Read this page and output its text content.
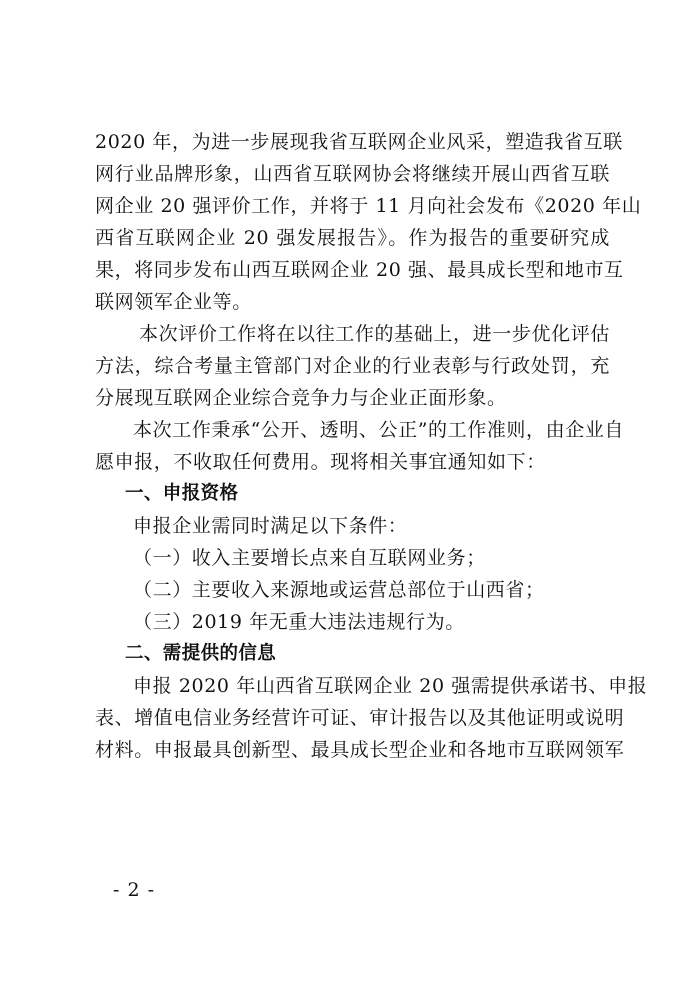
2020 年，为进一步展现我省互联网企业风采，塑造我省互联
网行业品牌形象，山西省互联网协会将继续开展山西省互联
网企业 20 强评价工作，并将于 11 月向社会发布《2020 年山
西省互联网企业 20 强发展报告》。作为报告的重要研究成
果，将同步发布山西互联网企业 20 强、最具成长型和地市互
联网领军企业等。
本次评价工作将在以往工作的基础上，进一步优化评估
方法，综合考量主管部门对企业的行业表彰与行政处罚，充
分展现互联网企业综合竞争力与企业正面形象。
本次工作秉承“公开、透明、公正”的工作准则，由企业自
愿申报，不收取任何费用。现将相关事宜通知如下：
一、申报资格
申报企业需同时满足以下条件：
（一）收入主要增长点来自互联网业务；
（二）主要收入来源地或运营总部位于山西省；
（三）2019 年无重大违法违规行为。
二、需提供的信息
申报 2020 年山西省互联网企业 20 强需提供承诺书、申报
表、增值电信业务经营许可证、审计报告以及其他证明或说明
材料。申报最具创新型、最具成长型企业和各地市互联网领军
- 2 -
